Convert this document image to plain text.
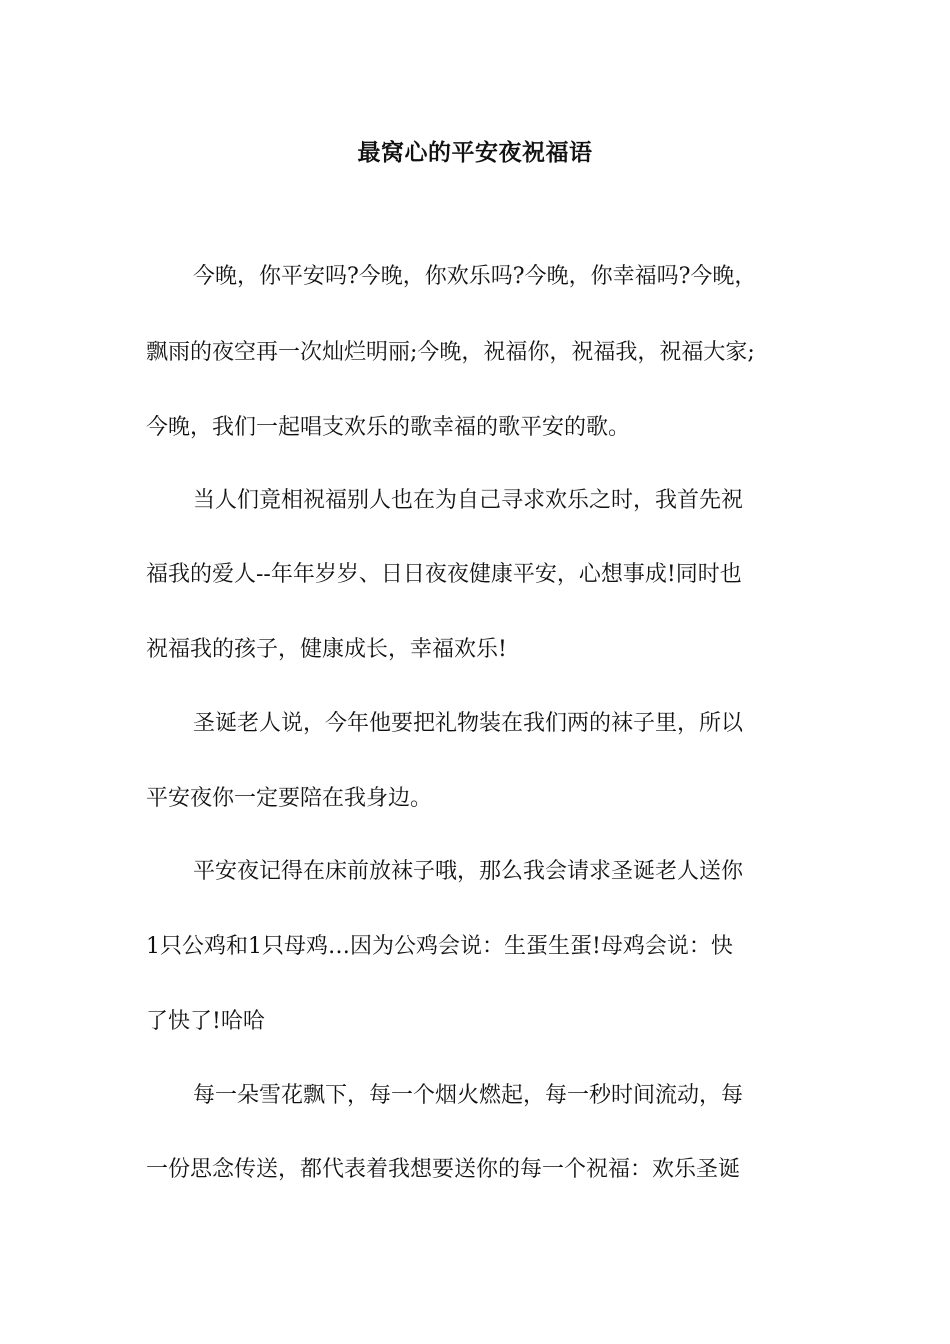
最窝心的平安夜祝福语

今晚，你平安吗?今晚，你欢乐吗?今晚，你幸福吗?今晚，

飘雨的夜空再一次灿烂明丽;今晚，祝福你，祝福我，祝福大家;

今晚，我们一起唱支欢乐的歌幸福的歌平安的歌。

当人们竟相祝福别人也在为自己寻求欢乐之时，我首先祝

福我的爱人--年年岁岁、日日夜夜健康平安，心想事成!同时也

祝福我的孩子，健康成长，幸福欢乐!

圣诞老人说，今年他要把礼物装在我们两的袜子里，所以

平安夜你一定要陪在我身边。

平安夜记得在床前放袜子哦，那么我会请求圣诞老人送你

1只公鸡和1只母鸡…因为公鸡会说：生蛋生蛋!母鸡会说：快

了快了!哈哈

每一朵雪花飘下，每一个烟火燃起，每一秒时间流动，每

一份思念传送，都代表着我想要送你的每一个祝福：欢乐圣诞
